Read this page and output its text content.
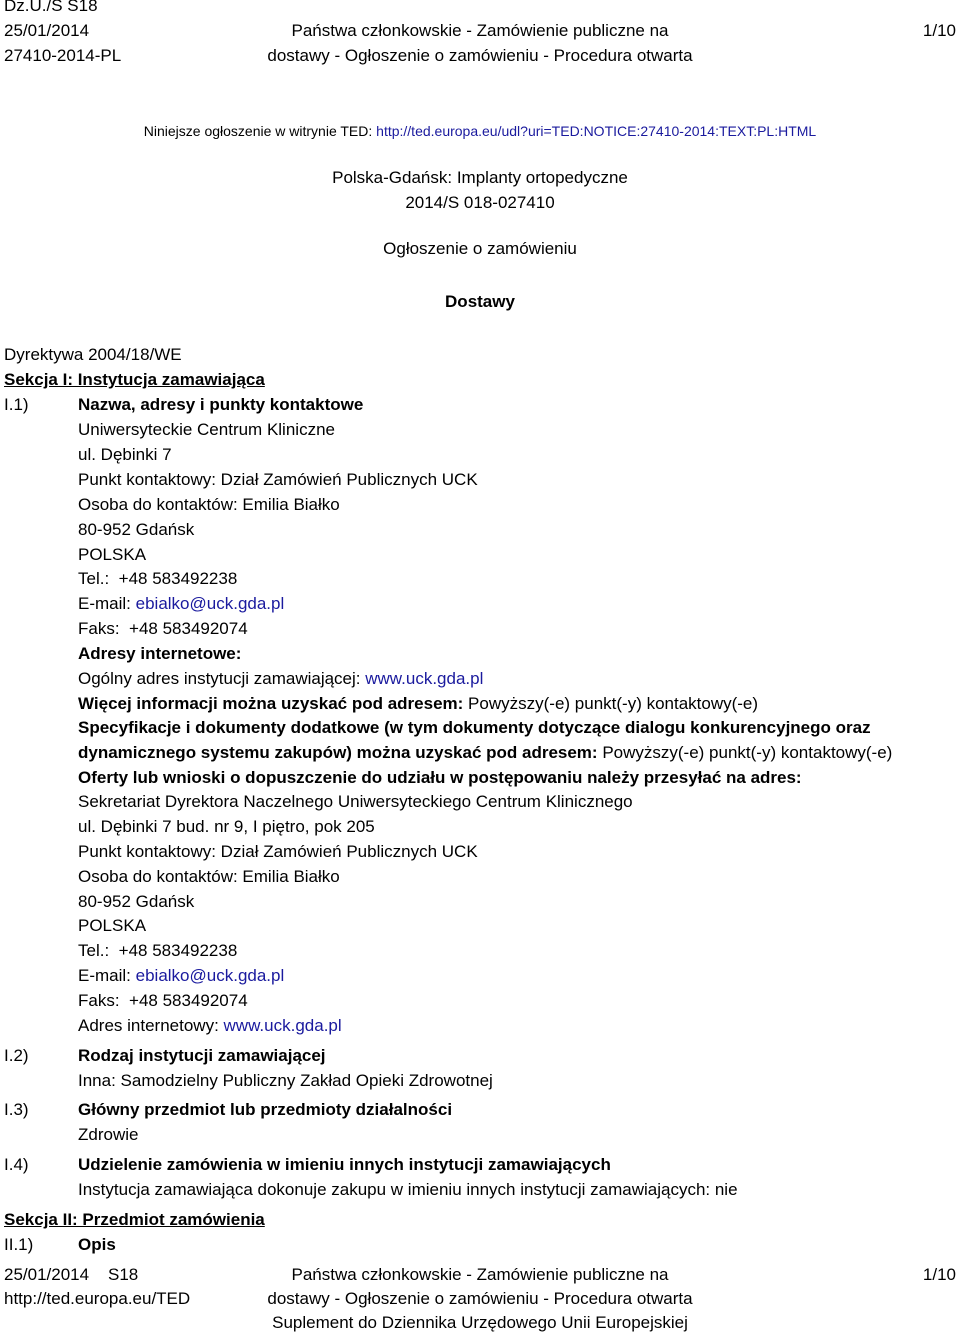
Dz.U./S S18
25/01/2014
27410-2014-PL
Państwa członkowskie - Zamówienie publiczne na
dostawy - Ogłoszenie o zamówieniu - Procedura otwarta
1/10
Niniejsze ogłoszenie w witrynie TED: http://ted.europa.eu/udl?uri=TED:NOTICE:27410-2014:TEXT:PL:HTML
Polska-Gdańsk: Implanty ortopedyczne
2014/S 018-027410
Ogłoszenie o zamówieniu
Dostawy
Dyrektywa 2004/18/WE
Sekcja I: Instytucja zamawiająca
I.1)	Nazwa, adresy i punkty kontaktowe
Uniwersyteckie Centrum Kliniczne
ul. Dębinki 7
Punkt kontaktowy: Dział Zamówień Publicznych UCK
Osoba do kontaktów: Emilia Białko
80-952 Gdańsk
POLSKA
Tel.: +48 583492238
E-mail: ebialko@uck.gda.pl
Faks: +48 583492074
Adresy internetowe:
Ogólny adres instytucji zamawiającej: www.uck.gda.pl
Więcej informacji można uzyskać pod adresem: Powyższy(-e) punkt(-y) kontaktowy(-e)
Specyfikacje i dokumenty dodatkowe (w tym dokumenty dotyczące dialogu konkurencyjnego oraz
dynamicznego systemu zakupów) można uzyskać pod adresem: Powyższy(-e) punkt(-y) kontaktowy(-e)
Oferty lub wnioski o dopuszczenie do udziału w postępowaniu należy przesyłać na adres:
Sekretariat Dyrektora Naczelnego Uniwersyteckiego Centrum Klinicznego
ul. Dębinki 7 bud. nr 9, I piętro, pok 205
Punkt kontaktowy: Dział Zamówień Publicznych UCK
Osoba do kontaktów: Emilia Białko
80-952 Gdańsk
POLSKA
Tel.: +48 583492238
E-mail: ebialko@uck.gda.pl
Faks: +48 583492074
Adres internetowy: www.uck.gda.pl
I.2)	Rodzaj instytucji zamawiającej
Inna: Samodzielny Publiczny Zakład Opieki Zdrowotnej
I.3)	Główny przedmiot lub przedmioty działalności
Zdrowie
I.4)	Udzielenie zamówienia w imieniu innych instytucji zamawiających
Instytucja zamawiająca dokonuje zakupu w imieniu innych instytucji zamawiających: nie
Sekcja II: Przedmiot zamówienia
II.1)	Opis
25/01/2014 S18
http://ted.europa.eu/TED
Państwa członkowskie - Zamówienie publiczne na
dostawy - Ogłoszenie o zamówieniu - Procedura otwarta
Suplement do Dziennika Urzędowego Unii Europejskiej
1/10
